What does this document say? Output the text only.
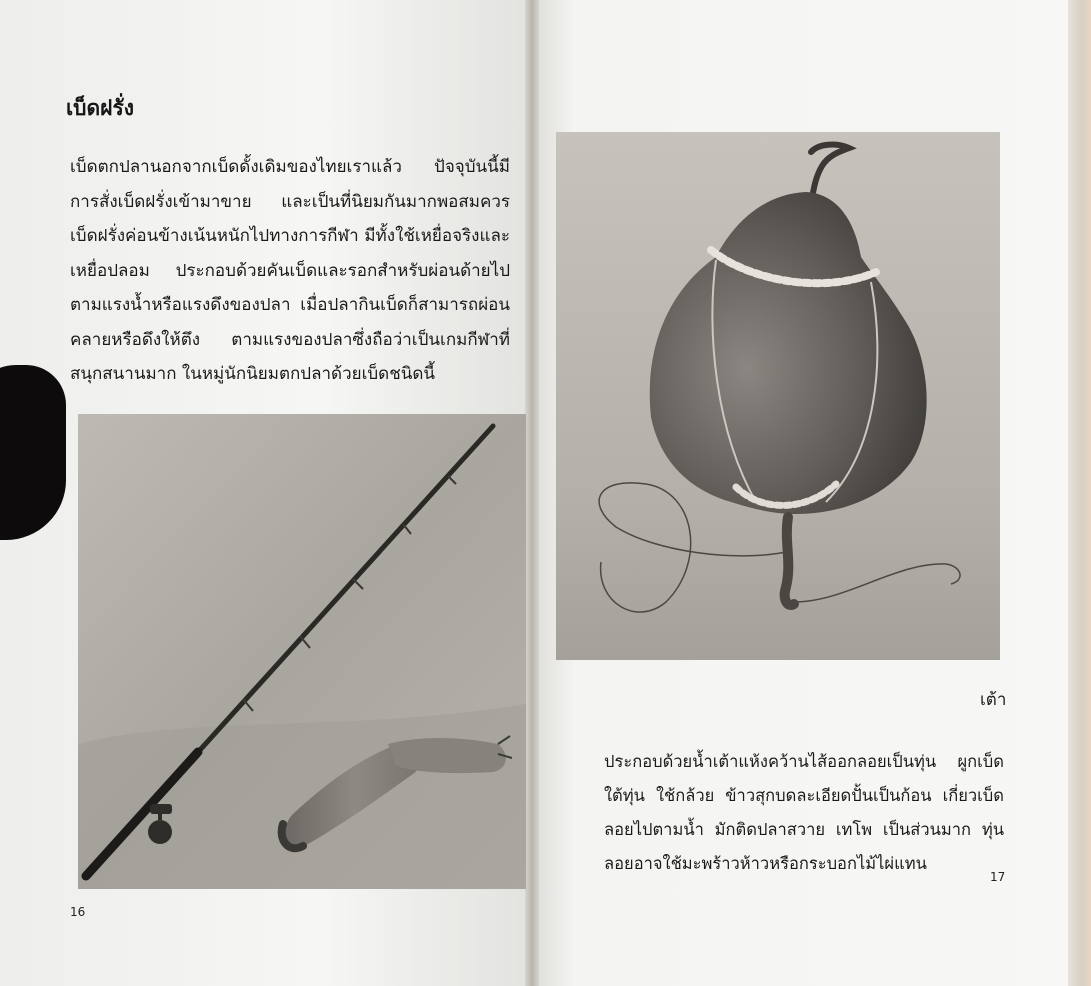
เบ็ดฝรั่ง

เบ็ดตกปลานอกจากเบ็ดดั้งเดิมของไทยเราแล้ว ปัจจุบันนี้มีการสั่งเบ็ดฝรั่งเข้ามาขาย และเป็นที่นิยมกันมากพอสมควร เบ็ดฝรั่งค่อนข้างเน้นหนักไปทางการกีฬา มีทั้งใช้เหยื่อจริงและเหยื่อปลอม ประกอบด้วยคันเบ็ดและรอกสำหรับผ่อนด้ายไปตามแรงน้ำหรือแรงดึงของปลา เมื่อปลากินเบ็ดก็สามารถผ่อนคลายหรือดึงให้ตึง ตามแรงของปลาซึ่งถือว่าเป็นเกมกีฬาที่สนุกสนานมาก ในหมู่นักนิยมตกปลาด้วยเบ็ดชนิดนี้

16
เต้า

ประกอบด้วยน้ำเต้าแห้งคว้านไส้ออกลอยเป็นทุ่น ผูกเบ็ดใต้ทุ่น ใช้กล้วย ข้าวสุกบดละเอียดปั้นเป็นก้อน เกี่ยวเบ็ดลอยไปตามน้ำ มักติดปลาสวาย เทโพ เป็นส่วนมาก ทุ่นลอยอาจใช้มะพร้าวห้าวหรือกระบอกไม้ไผ่แทน

17
